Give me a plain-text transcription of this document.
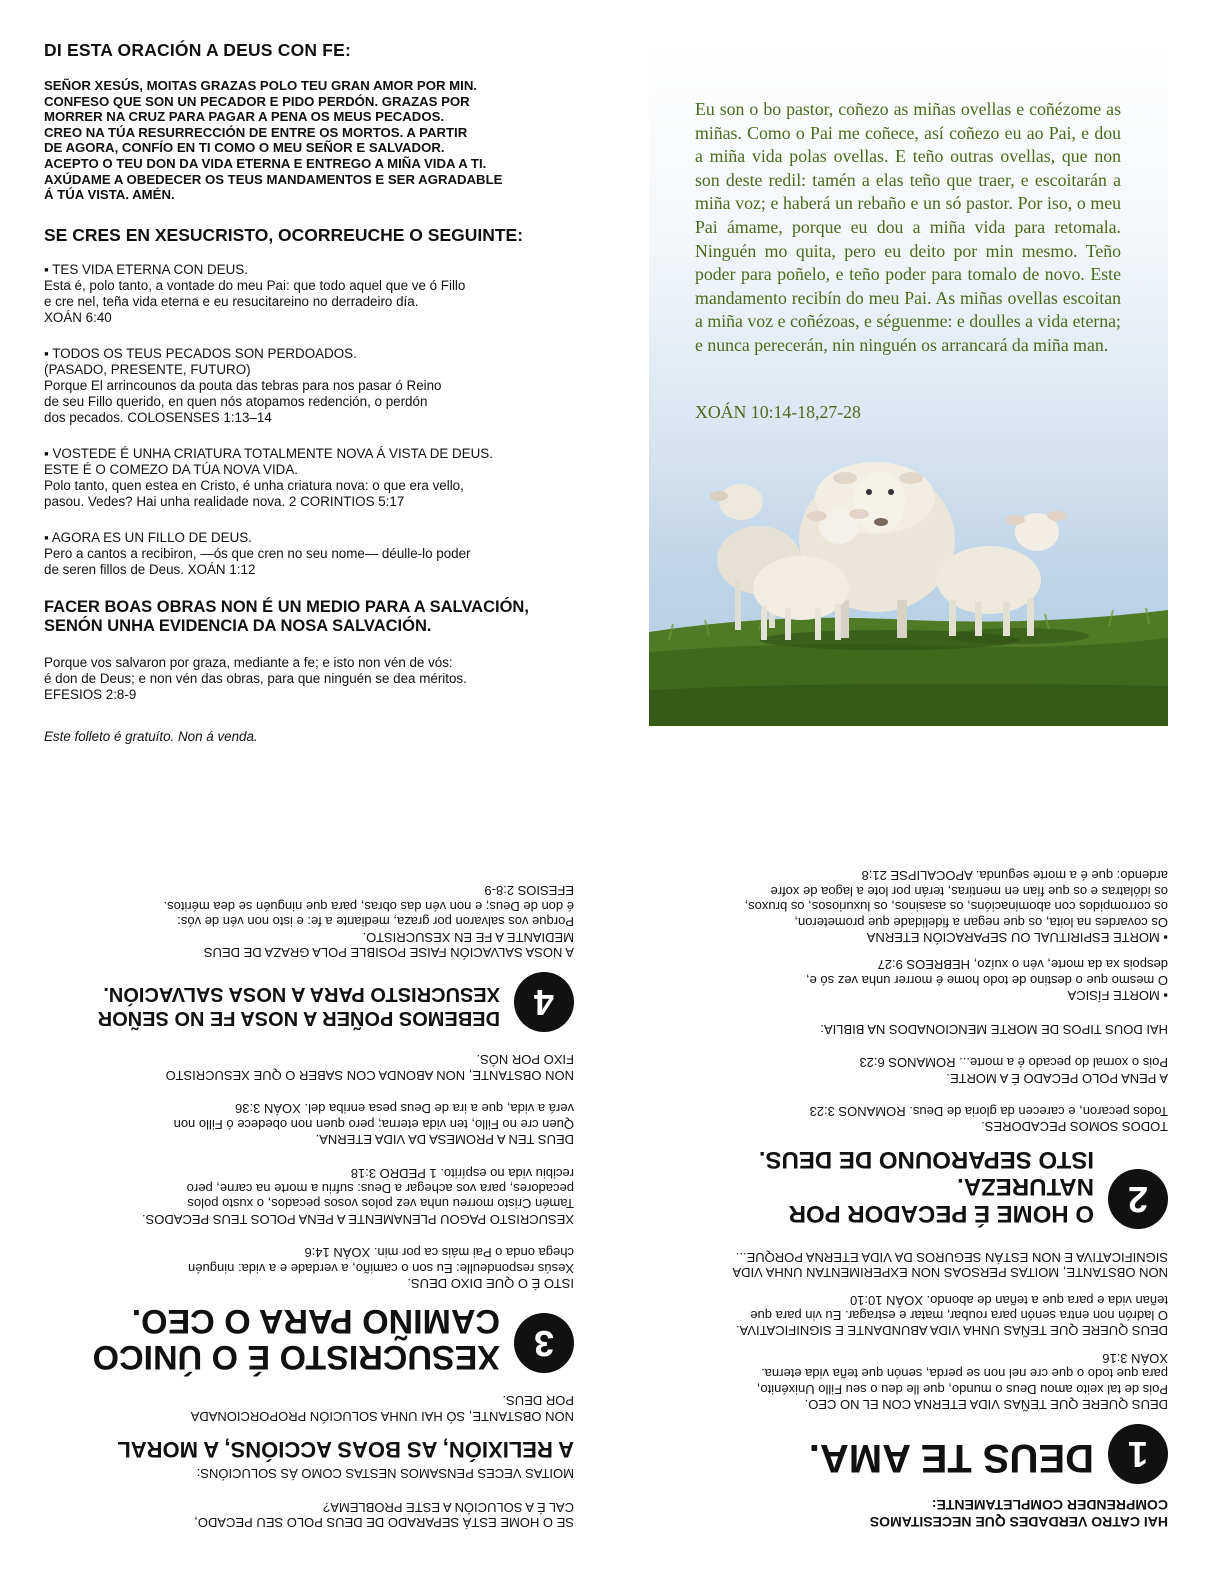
DI ESTA ORACIÓN A DEUS CON FE:

SEÑOR XESÚS, MOITAS GRAZAS POLO TEU GRAN AMOR POR MIN.
CONFESO QUE SON UN PECADOR E PIDO PERDÓN. GRAZAS POR
MORRER NA CRUZ PARA PAGAR A PENA OS MEUS PECADOS.
CREO NA TÚA RESURRECCIÓN DE ENTRE OS MORTOS. A PARTIR
DE AGORA, CONFÍO EN TI COMO O MEU SEÑOR E SALVADOR.
ACEPTO O TEU DON DA VIDA ETERNA E ENTREGO A MIÑA VIDA A TI.
AXÚDAME A OBEDECER OS TEUS MANDAMENTOS E SER AGRADABLE
Á TÚA VISTA. AMÉN.

SE CRES EN XESUCRISTO, OCORREUCHE O SEGUINTE:
▪ TES VIDA ETERNA CON DEUS.
Esta é, polo tanto, a vontade do meu Pai: que todo aquel que ve ó Fillo
e cre nel, teña vida eterna e eu resucitareino no derradeiro día.
XOÁN 6:40
▪ TODOS OS TEUS PECADOS SON PERDOADOS.
(PASADO, PRESENTE, FUTURO)
Porque El arrincounos da pouta das tebras para nos pasar ó Reino
de seu Fillo querido, en quen nós atopamos redención, o perdón
dos pecados. COLOSENSES 1:13–14
▪ VOSTEDE É UNHA CRIATURA TOTALMENTE NOVA Á VISTA DE DEUS.
ESTE É O COMEZO DA TÚA NOVA VIDA.
Polo tanto, quen estea en Cristo, é unha criatura nova: o que era vello,
pasou. Vedes? Hai unha realidade nova. 2 CORINTIOS 5:17
▪ AGORA ES UN FILLO DE DEUS.
Pero a cantos a recibiron, —ós que cren no seu nome— déulle-lo poder
de seren fillos de Deus. XOÁN 1:12
FACER BOAS OBRAS NON É UN MEDIO PARA A SALVACIÓN,
SENÓN UNHA EVIDENCIA DA NOSA SALVACIÓN.

Porque vos salvaron por graza, mediante a fe; e isto non vén de vós:
é don de Deus; e non vén das obras, para que ninguén se dea méritos.
EFESIOS 2:8-9

Este folleto é gratuíto. Non á venda.

Eu son o bo pastor, coñezo as miñas ovellas e coñézome as miñas. Como o Pai me coñece, así coñezo eu ao Pai, e dou a miña vida polas ovellas. E teño outras ovellas, que non son deste redil: tamén a elas teño que traer, e escoitarán a miña voz; e haberá un rebaño e un só pastor. Por iso, o meu Pai ámame, porque eu dou a miña vida para retomala. Ninguén mo quita, pero eu deito por min mesmo. Teño poder para poñelo, e teño poder para tomalo de novo. Este mandamento recibín do meu Pai. As miñas ovellas escoitan a miña voz e coñézoas, e séguenme: e doulles a vida eterna; e nunca perecerán, nin ninguén os arrancará da miña man.
XOÁN 10:14-18,27-28

HAI CATRO VERDADES QUE NECESITAMOS
COMPRENDER COMPLETAMENTE:

1
DEUS TE AMA.

DEUS QUERE QUE TEÑAS VIDA ETERNA CON EL NO CEO.

Pois de tal xeito amou Deus o mundo, que lle deu o seu Fillo Unixénito,
para que todo o que cre nel non se perda, senón que teña vida eterna.
XOÁN 3:16

DEUS QUERE QUE TEÑAS UNHA VIDA ABUNDANTE E SIGNIFICATIVA.

O ladrón non entra senón para roubar, matar e estragar. Eu vin para que
teñan vida e para que a teñan de abondo. XOÁN 10:10

NON OBSTANTE, MOITAS PERSOAS NON EXPERIMENTAN UNHA VIDA
SIGNIFICATIVA E NON ESTÁN SEGUROS DA VIDA ETERNA PORQUE...

2
O HOME É PECADOR POR NATUREZA.
ISTO SEPAROUNO DE DEUS.

TODOS SOMOS PECADORES.

Todos pecaron, e carecen da gloria de Deus. ROMANOS 3:23

A PENA POLO PECADO É A MORTE.

Pois o xornal do pecado é a morte... ROMANOS 6:23

HAI DOUS TIPOS DE MORTE MENCIONADOS NA BIBLIA:

▪ MORTE FÍSICA

O mesmo que o destino de todo home é morrer unha vez só e,
despois xa da morte, vén o xuízo, HEBREOS 9:27

▪ MORTE ESPIRITUAL OU SEPARACIÓN ETERNA

Os covardes na loita, os que negan a fidelidade que prometeron,
os corrompidos con abominacións, os asasinos, os luxuriosos, os bruxos,
os idólatras e os que fían en mentiras, terán por lote a lagoa de xofre
ardendo: que é a morte segunda. APOCALIPSE 21:8

SE O HOME ESTÁ SEPARADO DE DEUS POLO SEU PECADO,
CAL É A SOLUCIÓN A ESTE PROBLEMA?

MOITAS VECES PENSAMOS NESTAS COMO ÁS SOLUCIÓNS:

A RELIXIÓN, AS BOAS ACCIÓNS, A MORAL

NON OBSTANTE, SÓ HAI UNHA SOLUCIÓN PROPORCIONADA
POR DEUS.

3
XESUCRISTO É O ÚNICO
CAMIÑO PARA O CEO.

ISTO É O QUE DIXO DEUS.

Xesús respondeulle: Eu son o camiño, a verdade e a vida: ninguén
chega onda o Pai máis ca por min. XOÁN 14:6

XESUCRISTO PAGOU PLENAMENTE A PENA POLOS TEUS PECADOS.

Tamén Cristo morreu unha vez polos vosos pecados, o xusto polos
pecadores, para vos achegar a Deus: sufriu a morte na carne, pero
recibiu vida no espírito. 1 PEDRO 3:18

DEUS TEN A PROMESA DA VIDA ETERNA.

Quen cre no Fillo, ten vida eterna; pero quen non obedece ó Fillo non
verá a vida, que a ira de Deus pesa enriba del. XOÁN 3:36

NON OBSTANTE, NON ABONDA CON SABER O QUE XESUCRISTO
FIXO POR NÓS.

4
DEBEMOS POÑER A NOSA FE NO SEÑOR
XESUCRISTO PARA A NOSA SALVACIÓN.

A NOSA SALVACIÓN FAISE POSIBLE POLA GRAZA DE DEUS
MEDIANTE A FE EN XESUCRISTO.

Porque vos salvaron por graza, mediante a fe: e isto non vén de vós:
é don de Deus; e non vén das obras, para que ninguén se dea méritos.
EFESIOS 2:8-9
